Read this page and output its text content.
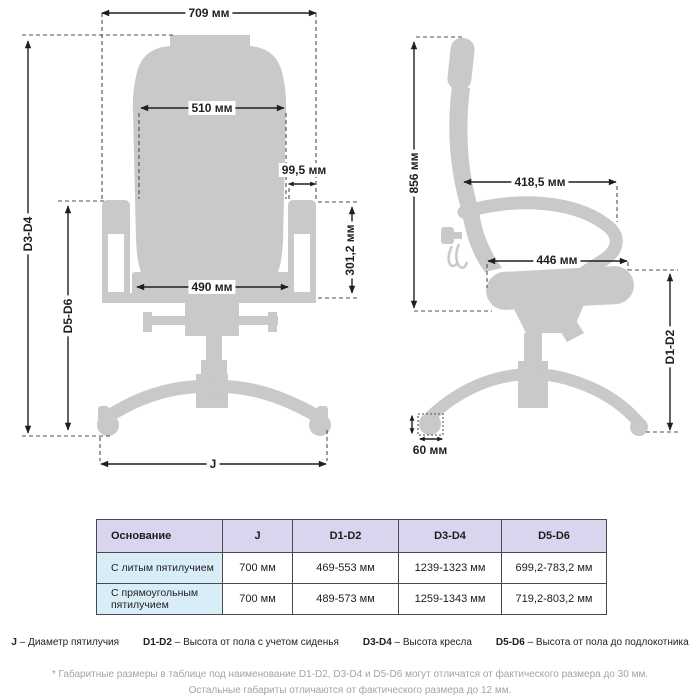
709 мм
510 мм
99,5 мм
301,2 мм
490 мм
D3-D4
D5-D6
J
856 мм	418,5 мм
446 мм
D1-D2
60 мм
Основание	J	D1-D2	D3-D4	D5-D6
С литым пятилучием	700 мм	469-553 мм	1239-1323 мм	699,2-783,2 мм
С прямоугольным пятилучием	700 мм	489-573 мм	1259-1343 мм	719,2-803,2 мм
J – Диаметр пятилучия D1-D2 – Высота от пола с учетом сиденья D3-D4 – Высота кресла D5-D6 – Высота от пола до подлокотника
* Габаритные размеры в таблице под наименование D1-D2, D3-D4 и D5-D6 могут отличатся от фактического размера до 30 мм.
Остальные габариты отличаются от фактического размера до 12 мм.
